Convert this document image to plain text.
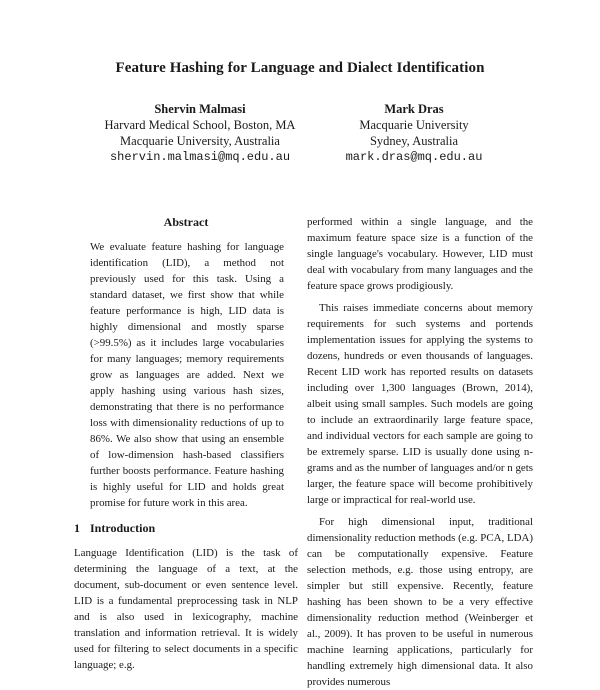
Feature Hashing for Language and Dialect Identification
Shervin Malmasi
Harvard Medical School, Boston, MA
Macquarie University, Australia
shervin.malmasi@mq.edu.au
Mark Dras
Macquarie University
Sydney, Australia
mark.dras@mq.edu.au
Abstract

We evaluate feature hashing for language identification (LID), a method not previously used for this task. Using a standard dataset, we first show that while feature performance is high, LID data is highly dimensional and mostly sparse (>99.5%) as it includes large vocabularies for many languages; memory requirements grow as languages are added. Next we apply hashing using various hash sizes, demonstrating that there is no performance loss with dimensionality reductions of up to 86%. We also show that using an ensemble of low-dimension hash-based classifiers further boosts performance. Feature hashing is highly useful for LID and holds great promise for future work in this area.

1 Introduction

Language Identification (LID) is the task of determining the language of a text, at the document, sub-document or even sentence level. LID is a fundamental preprocessing task in NLP and is also used in lexicography, machine translation and information retrieval. It is widely used for filtering to select documents in a specific language; e.g.

performed within a single language, and the maximum feature space size is a function of the single language's vocabulary. However, LID must deal with vocabulary from many languages and the feature space grows prodigiously.

This raises immediate concerns about memory requirements for such systems and portends implementation issues for applying the systems to dozens, hundreds or even thousands of languages. Recent LID work has reported results on datasets including over 1,300 languages (Brown, 2014), albeit using small samples. Such models are going to include an extraordinarily large feature space, and individual vectors for each sample are going to be extremely sparse. LID is usually done using n-grams and as the number of languages and/or n gets larger, the feature space will become prohibitively large or impractical for real-world use.

For high dimensional input, traditional dimensionality reduction methods (e.g. PCA, LDA) can be computationally expensive. Feature selection methods, e.g. those using entropy, are simpler but still expensive. Recently, feature hashing has been shown to be a very effective dimensionality reduction method (Weinberger et al., 2009). It has proven to be useful in numerous machine learning applications, particularly for handling extremely high dimensional data. It also provides numerous
